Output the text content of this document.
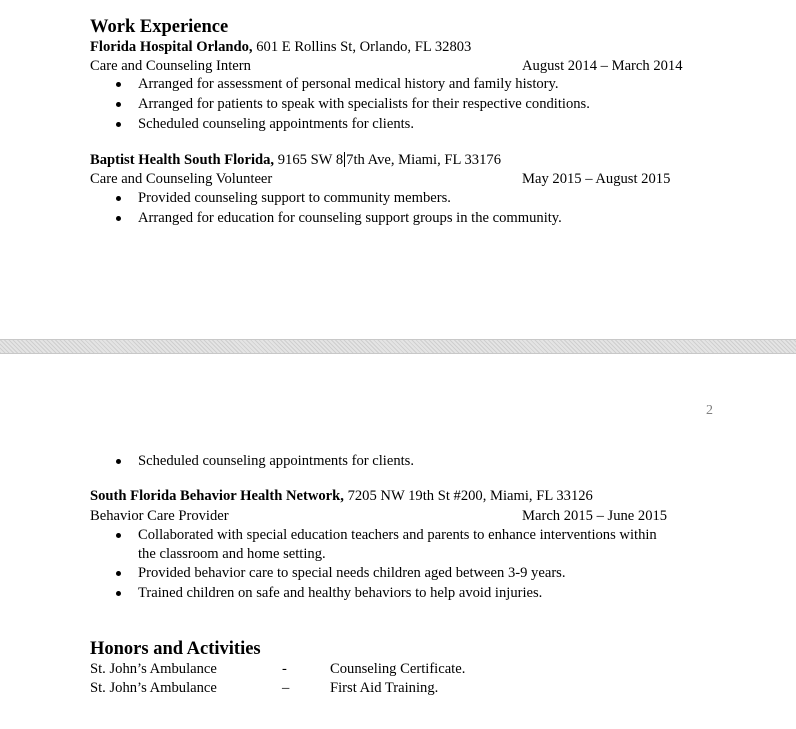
Work Experience
Florida Hospital Orlando, 601 E Rollins St, Orlando, FL 32803
Care and Counseling Intern	August 2014 – March 2014
Arranged for assessment of personal medical history and family history.
Arranged for patients to speak with specialists for their respective conditions.
Scheduled counseling appointments for clients.
Baptist Health South Florida, 9165 SW 8 7th Ave, Miami, FL 33176
Care and Counseling Volunteer	May 2015 – August 2015
Provided counseling support to community members.
Arranged for education for counseling support groups in the community.
2
Scheduled counseling appointments for clients.
South Florida Behavior Health Network, 7205 NW 19th St #200, Miami, FL 33126
Behavior Care Provider	March 2015 – June 2015
Collaborated with special education teachers and parents to enhance interventions within
the classroom and home setting.
Provided behavior care to special needs children aged between 3-9 years.
Trained children on safe and healthy behaviors to help avoid injuries.
Honors and Activities
St. John’s Ambulance	-	Counseling Certificate.
St. John’s Ambulance	–	First Aid Training.
